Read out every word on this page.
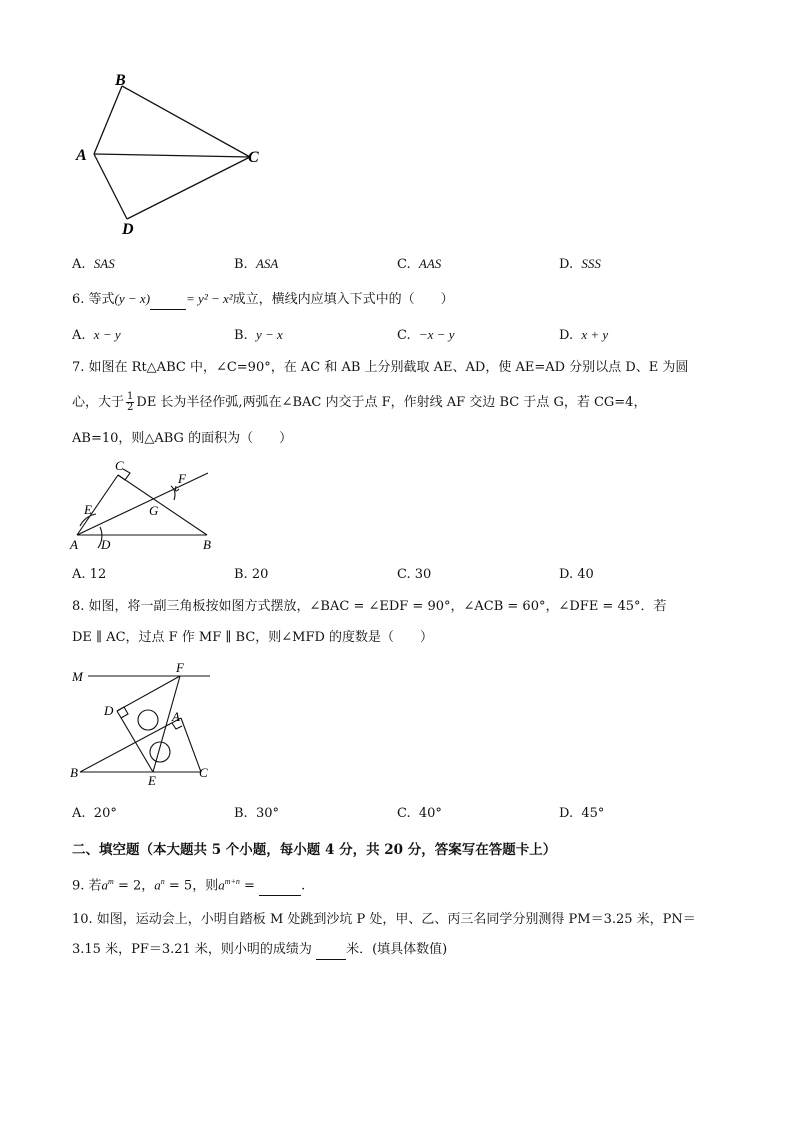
B
A	C
D
A. SAS	B. ASA	C. AAS	D. SSS
6. 等式(y − x)	= y² − x²成立，横线内应填入下式中的（　　）
A. x − y	B. y − x	C. −x − y	D. x + y
7. 如图在 Rt△ABC 中，∠C=90°，在 AC 和 AB 上分别截取 AE、AD，使 AE=AD 分别以点 D、E 为圆
心，大于 $\frac{1}{2}$ DE 长为半径作弧,两弧在∠BAC 内交于点 F，作射线 AF 交边 BC 于点 G，若 CG=4，
AB=10，则△ABG 的面积为（　　）
C
F
E	G
A D	B
A. 12	B. 20	C. 30	D. 40
8. 如图，将一副三角板按如图方式摆放，∠BAC = ∠EDF = 90°，∠ACB = 60°，∠DFE = 45°．若
DE ∥ AC，过点 F 作 MF ∥ BC，则∠MFD 的度数是（　　）
M
F
D	A
B
E
C
A. 20°	B. 30°	C. 40°	D. 45°
二、填空题（本大题共 5 个小题，每小题 4 分，共 20 分，答案写在答题卡上）
9. 若$a^m = 2$，$a^n = 5$，则$a^{m+n}$ =	.
10. 如图，运动会上，小明自踏板 M 处跳到沙坑 P 处，甲、乙、丙三名同学分别测得 PM＝3.25 米，PN＝
3.15 米，PF＝3.21 米，则小明的成绩为	米．(填具体数值)
